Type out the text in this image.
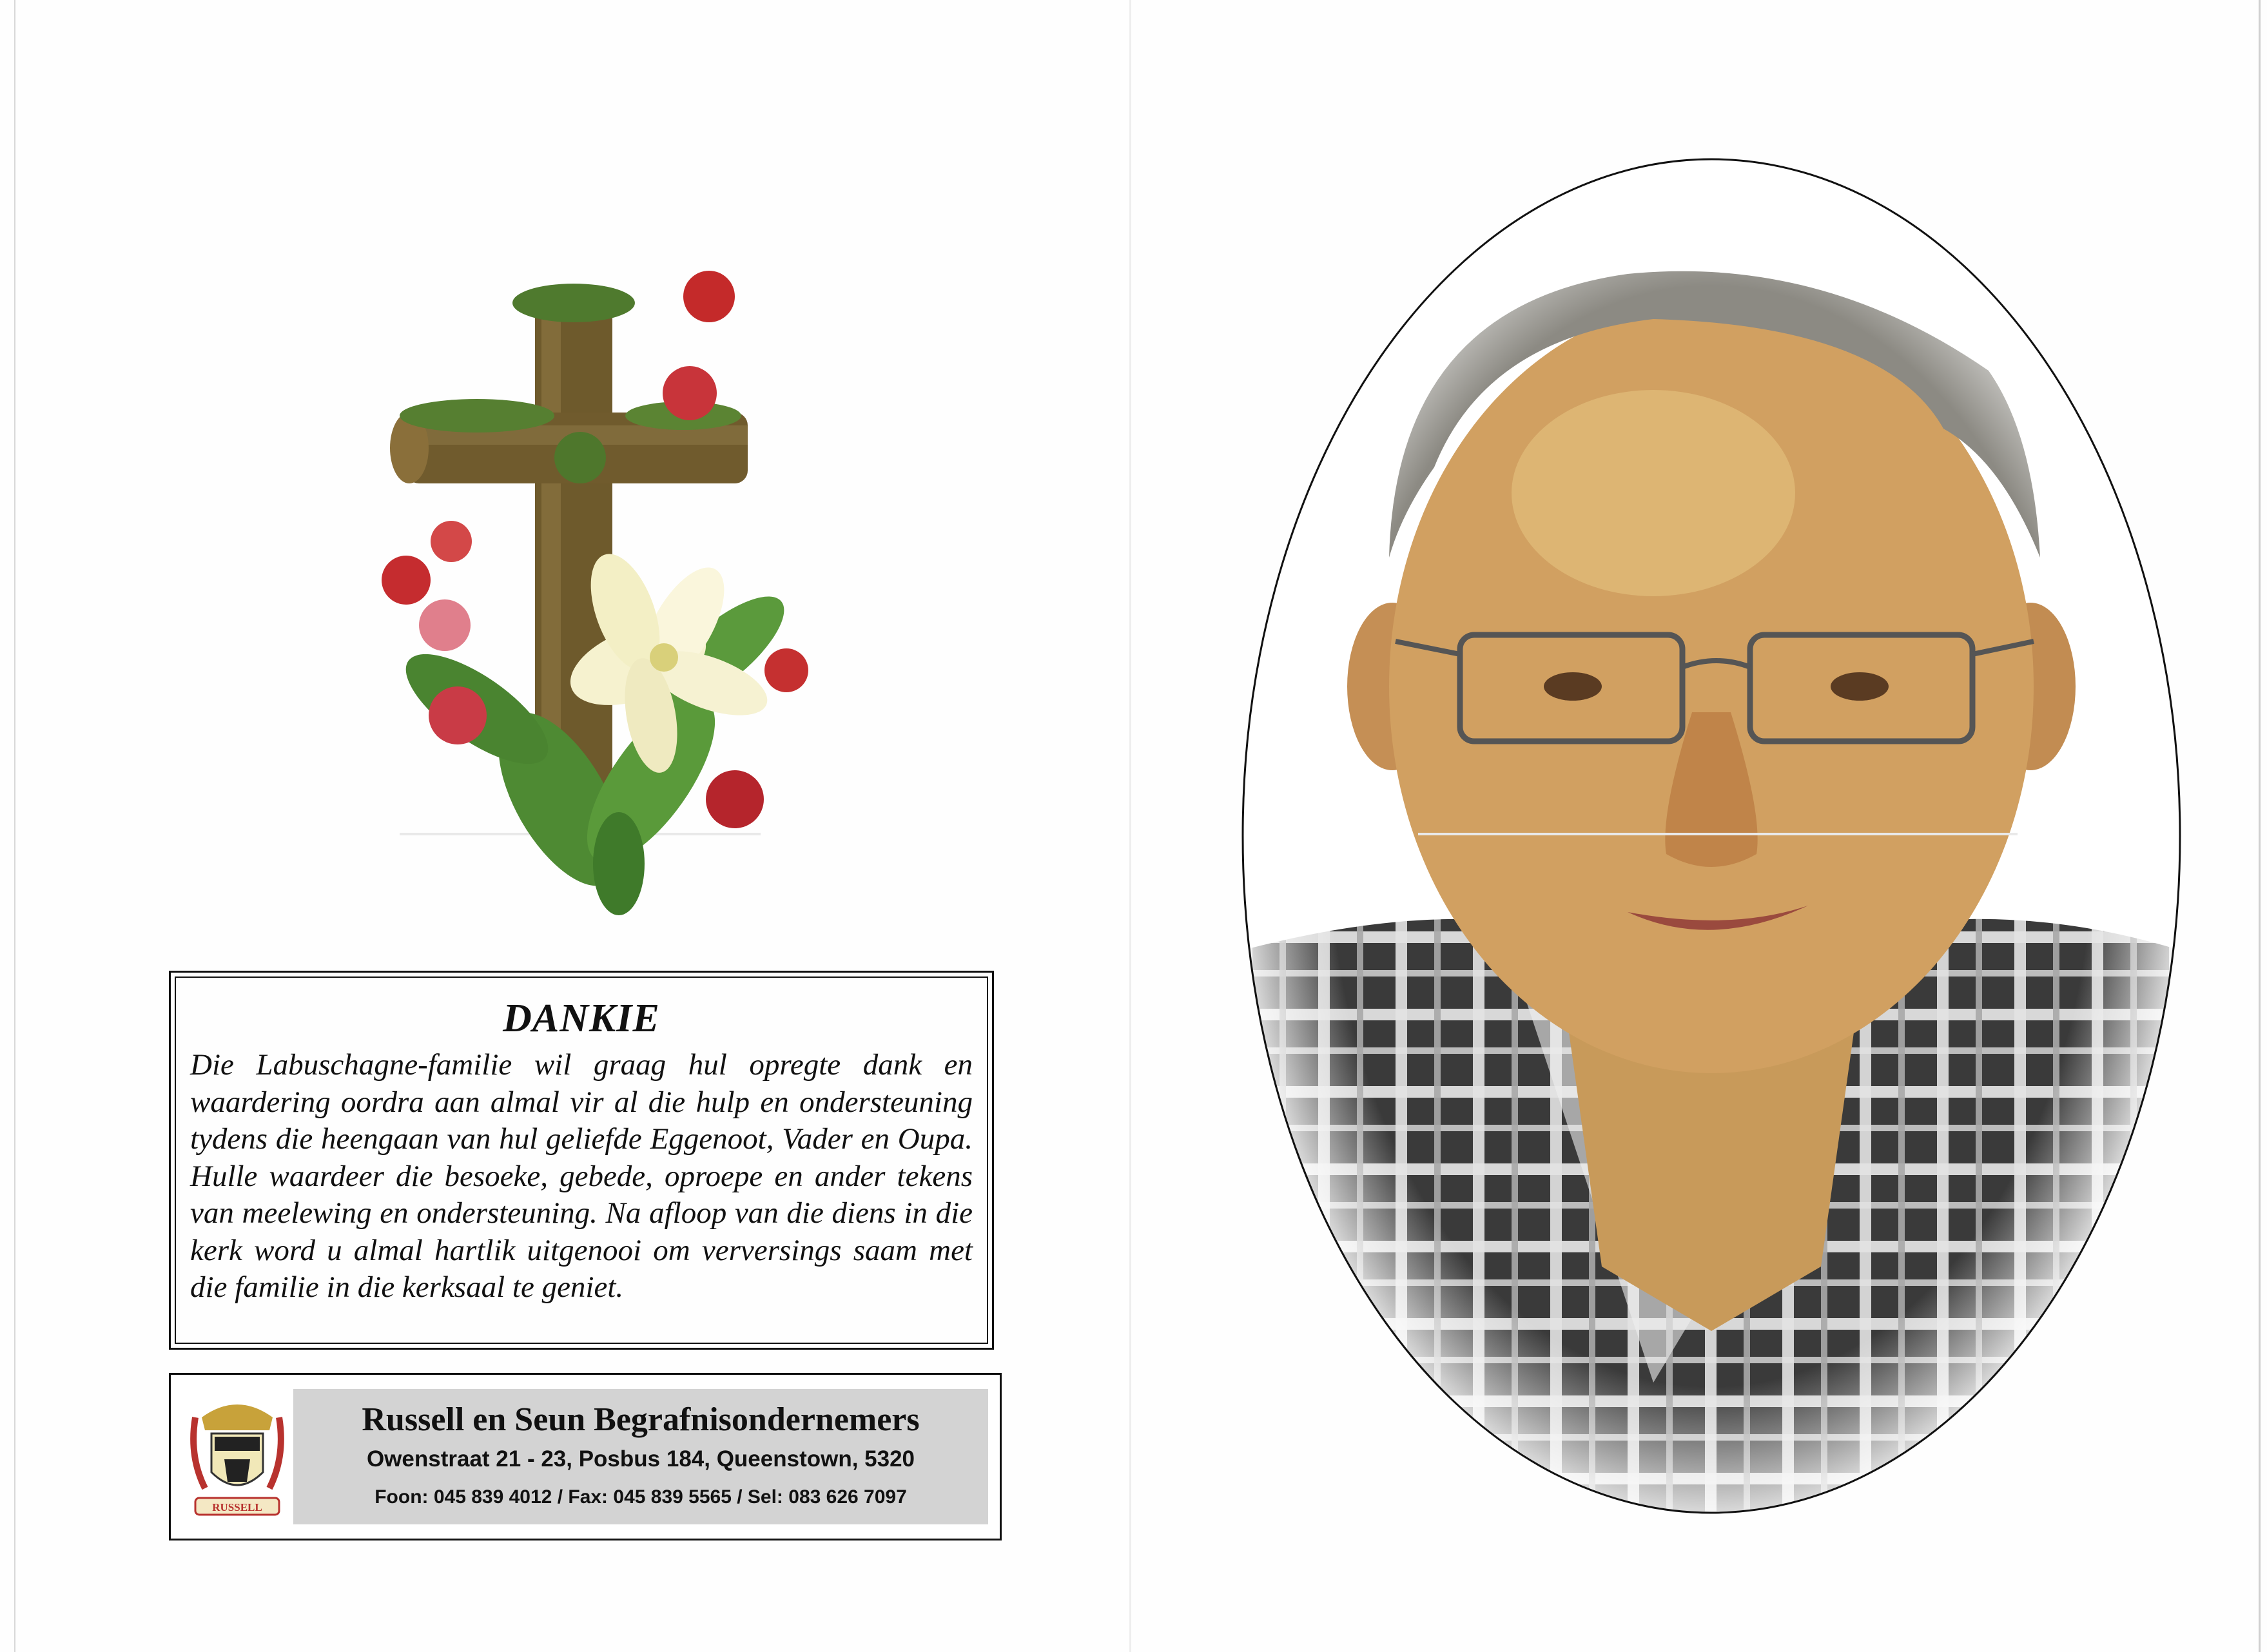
DANKIE

Die Labuschagne-familie wil graag hul opregte dank en waardering oordra aan almal vir al die hulp en ondersteuning tydens die heengaan van hul geliefde Eggenoot, Vader en Oupa. Hulle waardeer die besoeke, gebede, oproepe en ander tekens van meelewing en ondersteuning. Na afloop van die diens in die kerk word u almal hartlik uitgenooi om verversings saam met die familie in die kerksaal te geniet.

RUSSELL
Russell en Seun Begrafnisondernemers
Owenstraat 21 - 23, Posbus 184, Queenstown, 5320
Foon: 045 839 4012 / Fax: 045 839 5565 / Sel: 083 626 7097
